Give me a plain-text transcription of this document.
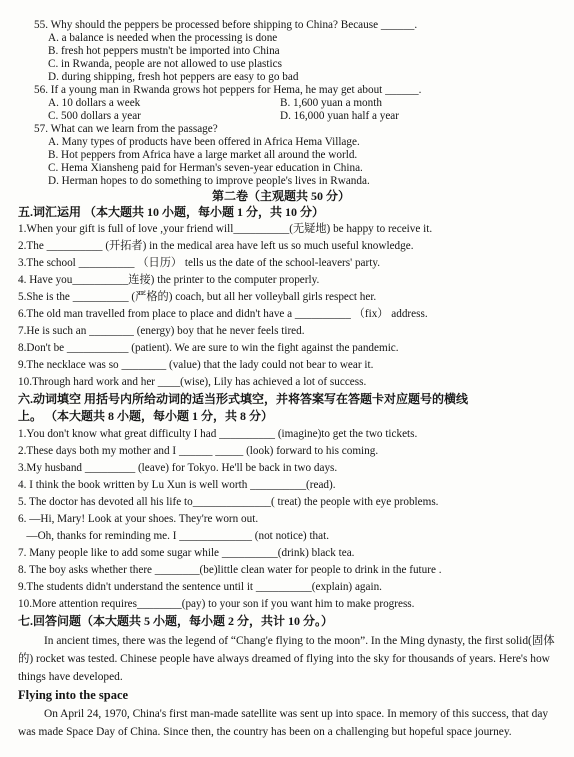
55. Why should the peppers be processed before shipping to China? Because ______.
A. a balance is needed when the processing is done
B. fresh hot peppers mustn't be imported into China
C. in Rwanda, people are not allowed to use plastics
D. during shipping, fresh hot peppers are easy to go bad
56. If a young man in Rwanda grows hot peppers for Hema, he may get about ______.
A. 10 dollars a week	B. 1,600 yuan a month
C. 500 dollars a year	D. 16,000 yuan half a year
57. What can we learn from the passage?
A. Many types of products have been offered in Africa Hema Village.
B. Hot peppers from Africa have a large market all around the world.
C. Hema Xiansheng paid for Herman's seven-year education in China.
D. Herman hopes to do something to improve people's lives in Rwanda.
第二卷（主观题共 50 分）
五.词汇运用 （本大题共 10 小题，每小题 1 分，共 10 分）
1.When your gift is full of love ,your friend will__________(无疑地) be happy to receive it.
2.The __________ (开拓者) in the medical area have left us so much useful knowledge.
3.The school __________ （日历） tells us the date of the school-leavers' party.
4. Have you__________连接) the printer to the computer properly.
5.She is the __________ (严格的) coach, but all her volleyball girls respect her.
6.The old man travelled from place to place and didn't have a __________ （fix） address.
7.He is such an ________ (energy) boy that he never feels tired.
8.Don't be ___________ (patient). We are sure to win the fight against the pandemic.
9.The necklace was so ________ (value) that the lady could not bear to wear it.
10.Through hard work and her ____(wise), Lily has achieved a lot of success.
六.动词填空 用括号内所给动词的适当形式填空，并将答案写在答题卡对应题号的横线
上。 （本大题共 8 小题，每小题 1 分，共 8 分）
1.You don't know what great difficulty I had __________ (imagine)to get the two tickets.
2.These days both my mother and I ______ _____ (look) forward to his coming.
3.My husband _________ (leave) for Tokyo. He'll be back in two days.
4. I think the book written by Lu Xun is well worth __________(read).
5. The doctor has devoted all his life to______________( treat) the people with eye problems.
6. —Hi, Mary! Look at your shoes. They're worn out.
—Oh, thanks for reminding me. I _____________ (not notice) that.
7. Many people like to add some sugar while __________(drink) black tea.
8. The boy asks whether there ________(be)little clean water for people to drink in the future .
9.The students didn't understand the sentence until it __________(explain) again.
10.More attention requires________(pay) to your son if you want him to make progress.
七.回答问题（本大题共 5 小题，每小题 2 分，共计 10 分。）
In ancient times, there was the legend of “Chang'e flying to the moon”. In the Ming dynasty, the first solid(固体的) rocket was tested. Chinese people have always dreamed of flying into the sky for thousands of years. Here's how things have developed.
Flying into the space
On April 24, 1970, China's first man-made satellite was sent up into space. In memory of this success, that day was made Space Day of China. Since then, the country has been on a challenging but hopeful space journey.
